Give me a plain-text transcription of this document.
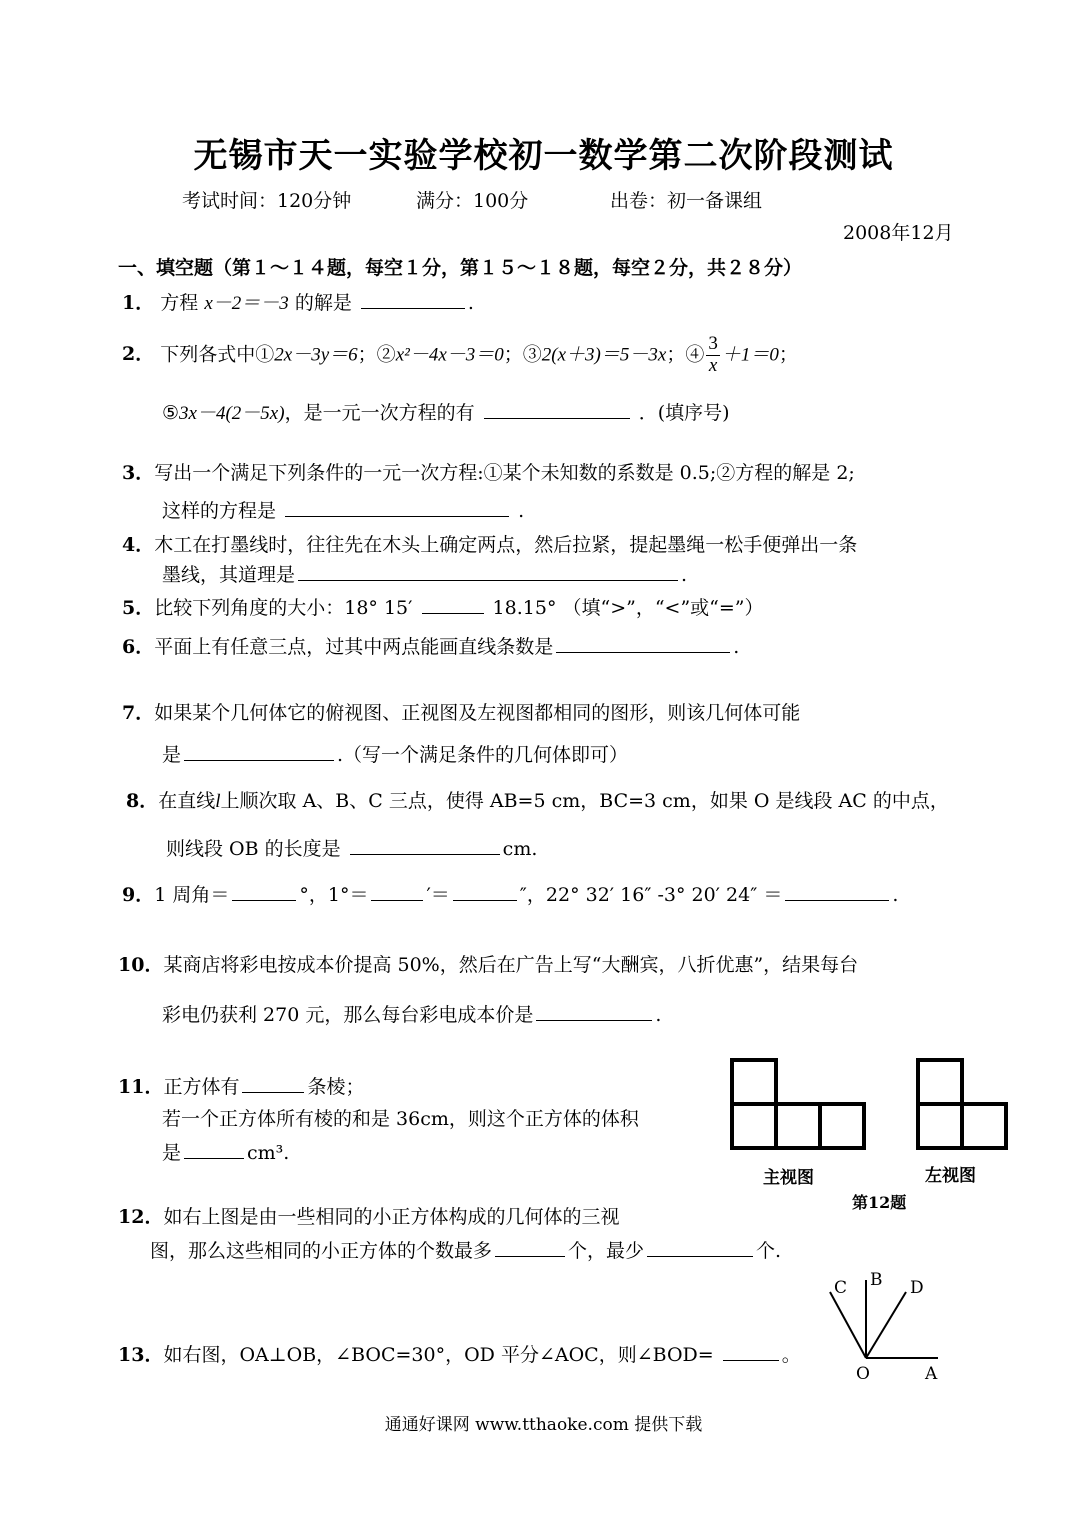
无锡市天一实验学校初一数学第二次阶段测试
考试时间：120分钟	满分：100分	出卷：初一备课组
2008年12月
一、填空题（第１～１４题，每空１分，第１５～１８题，每空２分，共２８分）
1． 方程 x－2＝－3 的解是	.
2． 下列各式中①2x－3y＝6；②x²－4x－3＝0；③2(x＋3)＝5－3x；④ $\frac{3}{x} +1=0$；
⑤3x－4(2－5x)，是一元一次方程的有	．(填序号)
3．写出一个满足下列条件的一元一次方程:①某个未知数的系数是 0.5;②方程的解是 2;
这样的方程是	.
4．木工在打墨线时，往往先在木头上确定两点，然后拉紧，提起墨绳一松手便弹出一条
墨线，其道理是	.
5．比较下列角度的大小：18° 15′	18.15° （填“>”，“<”或“=”）
6．平面上有任意三点，过其中两点能画直线条数是	.
7．如果某个几何体它的俯视图、正视图及左视图都相同的图形，则该几何体可能
是	.（写一个满足条件的几何体即可）
8．在直线l上顺次取 A、B、C 三点，使得 AB=5 cm，BC=3 cm，如果 O 是线段 AC 的中点，
则线段 OB 的长度是	cm.
9．1 周角＝	°，1°＝	′＝	″，22° 32′ 16″ -3° 20′ 24″ ＝	.
10．某商店将彩电按成本价提高 50%，然后在广告上写“大酬宾，八折优惠”，结果每台
彩电仍获利 270 元，那么每台彩电成本价是	.
11．正方体有	条棱；
若一个正方体所有棱的和是 36cm，则这个正方体的体积
是	cm³.
主视图	左视图
第12题
12．如右上图是由一些相同的小正方体构成的几何体的三视
图，那么这些相同的小正方体的个数最多	个，最少	个.
C B D
O	A
13．如右图，OA⊥OB，∠BOC=30°，OD 平分∠AOC，则∠BOD=	。
通通好课网 www.tthaoke.com 提供下载
